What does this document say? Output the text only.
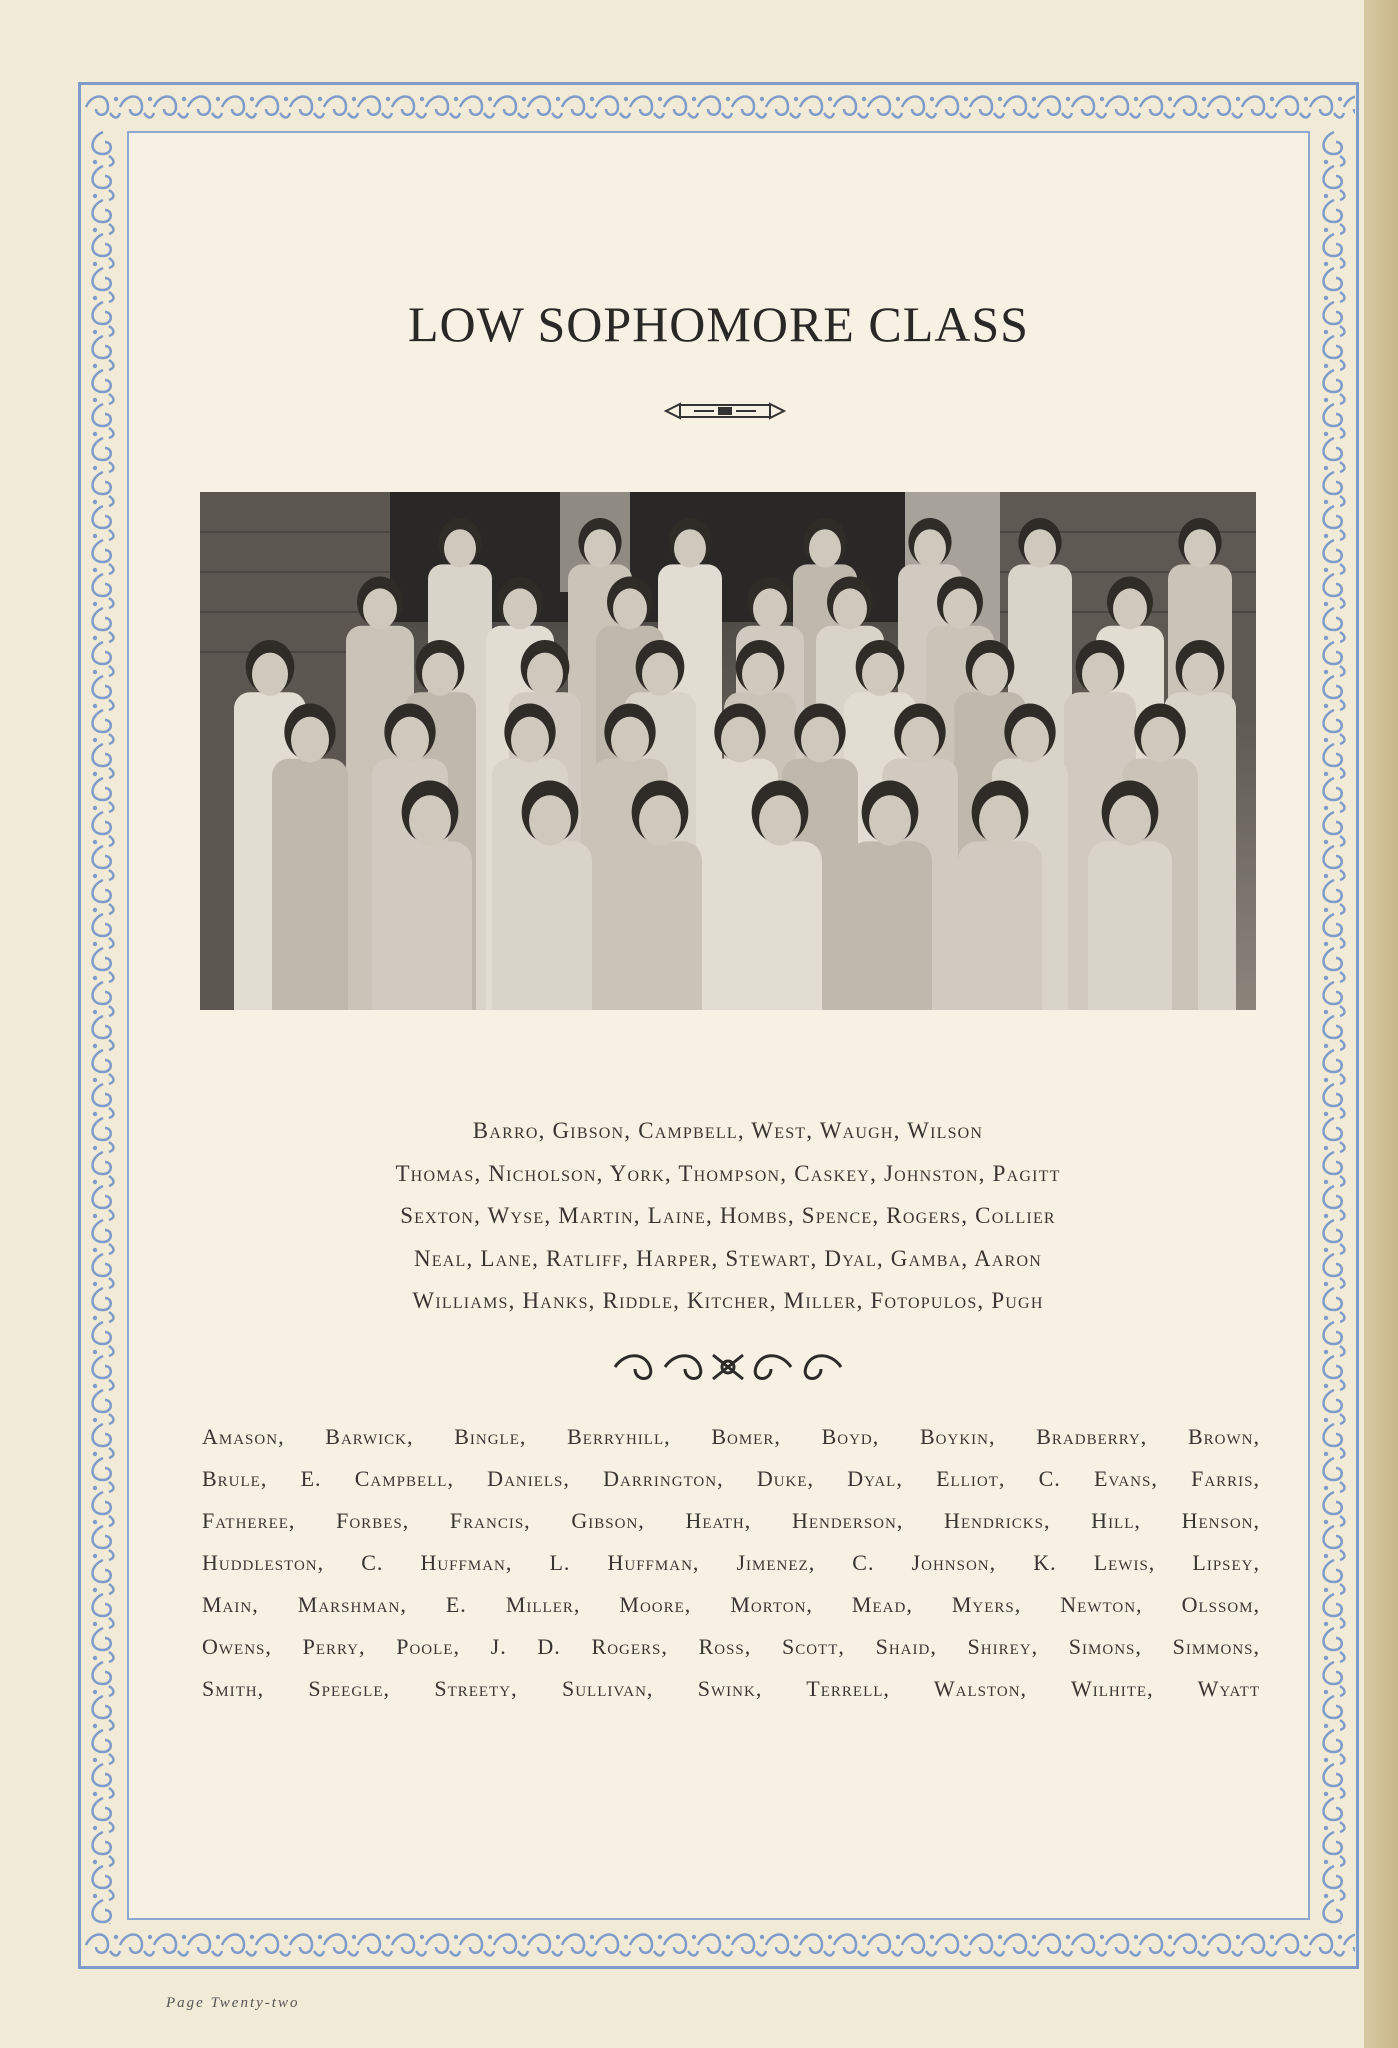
LOW SOPHOMORE CLASS
Barro, Gibson, Campbell, West, Waugh, Wilson
Thomas, Nicholson, York, Thompson, Caskey, Johnston, Pagitt
Sexton, Wyse, Martin, Laine, Hombs, Spence, Rogers, Collier
Neal, Lane, Ratliff, Harper, Stewart, Dyal, Gamba, Aaron
Williams, Hanks, Riddle, Kitcher, Miller, Fotopulos, Pugh
Amason, Barwick, Bingle, Berryhill, Bomer, Boyd, Boykin, Bradberry, Brown,
Brule, E. Campbell, Daniels, Darrington, Duke, Dyal, Elliot, C. Evans, Farris,
Fatheree, Forbes, Francis, Gibson, Heath, Henderson, Hendricks, Hill, Henson,
Huddleston, C. Huffman, L. Huffman, Jimenez, C. Johnson, K. Lewis, Lipsey,
Main, Marshman, E. Miller, Moore, Morton, Mead, Myers, Newton, Olssom,
Owens, Perry, Poole, J. D. Rogers, Ross, Scott, Shaid, Shirey, Simons, Simmons,
Smith, Speegle, Streety, Sullivan, Swink, Terrell, Walston, Wilhite, Wyatt
Page Twenty-two
